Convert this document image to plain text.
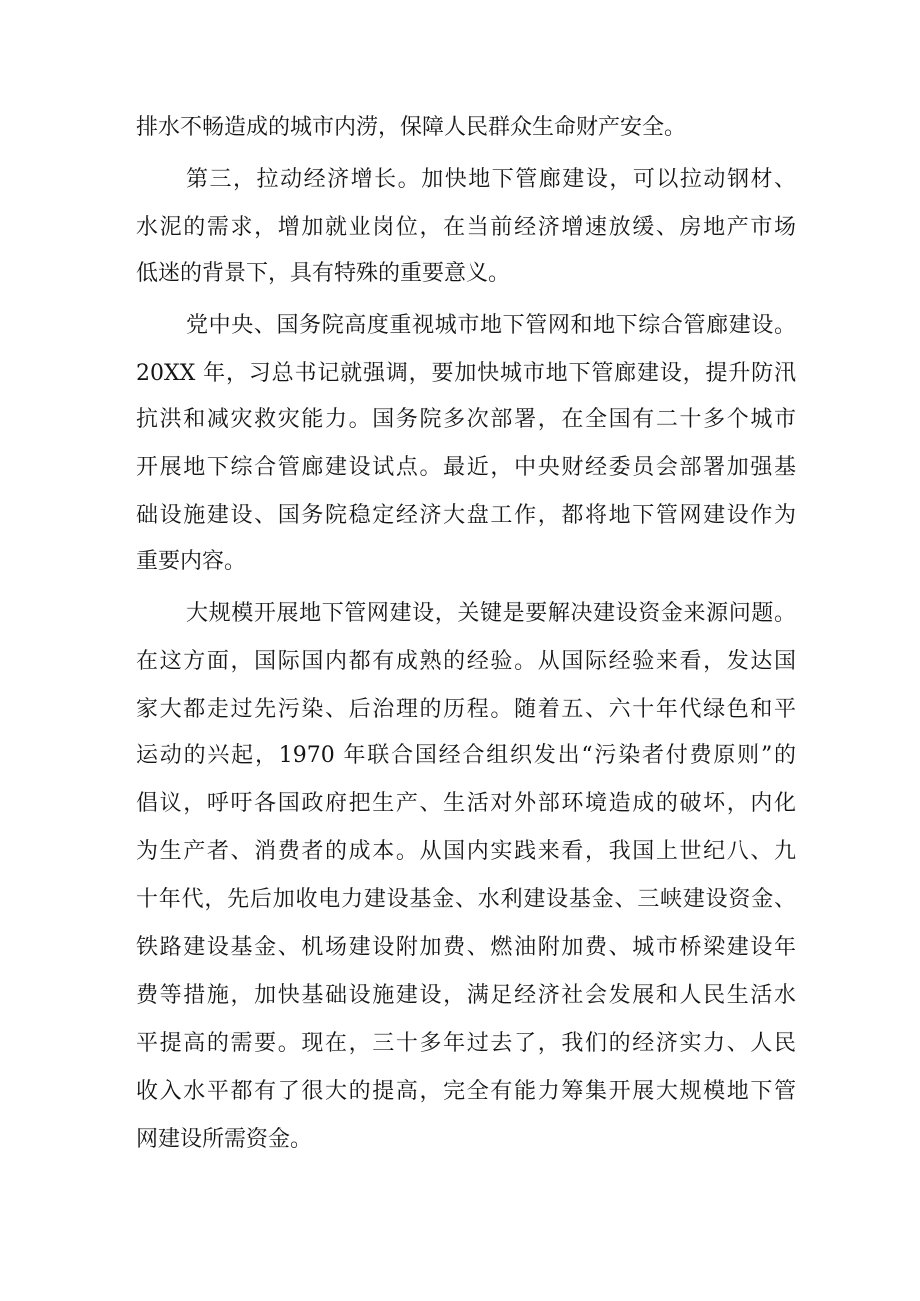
排水不畅造成的城市内涝，保障人民群众生命财产安全。
第三，拉动经济增长。加快地下管廊建设，可以拉动钢材、
水泥的需求，增加就业岗位，在当前经济增速放缓、房地产市场
低迷的背景下，具有特殊的重要意义。
党中央、国务院高度重视城市地下管网和地下综合管廊建设。
20XX 年，习总书记就强调，要加快城市地下管廊建设，提升防汛
抗洪和减灾救灾能力。国务院多次部署，在全国有二十多个城市
开展地下综合管廊建设试点。最近，中央财经委员会部署加强基
础设施建设、国务院稳定经济大盘工作，都将地下管网建设作为
重要内容。
大规模开展地下管网建设，关键是要解决建设资金来源问题。
在这方面，国际国内都有成熟的经验。从国际经验来看，发达国
家大都走过先污染、后治理的历程。随着五、六十年代绿色和平
运动的兴起，1970 年联合国经合组织发出“污染者付费原则”的
倡议，呼吁各国政府把生产、生活对外部环境造成的破坏，内化
为生产者、消费者的成本。从国内实践来看，我国上世纪八、九
十年代，先后加收电力建设基金、水利建设基金、三峡建设资金、
铁路建设基金、机场建设附加费、燃油附加费、城市桥梁建设年
费等措施，加快基础设施建设，满足经济社会发展和人民生活水
平提高的需要。现在，三十多年过去了，我们的经济实力、人民
收入水平都有了很大的提高，完全有能力筹集开展大规模地下管
网建设所需资金。
